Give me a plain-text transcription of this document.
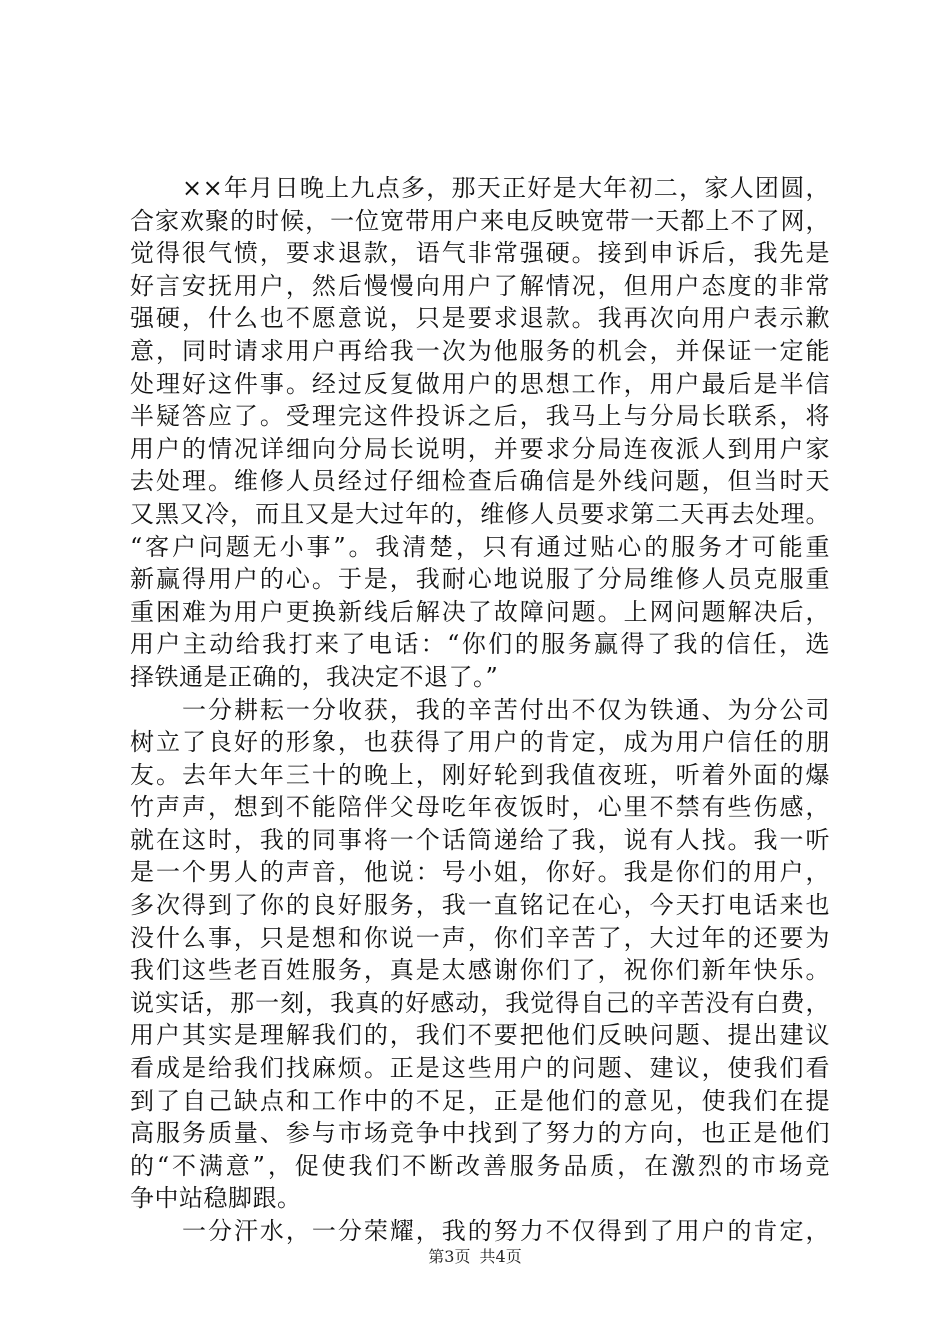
××年月日晚上九点多，那天正好是大年初二，家人团圆，
合家欢聚的时候，一位宽带用户来电反映宽带一天都上不了网，
觉得很气愤，要求退款，语气非常强硬。接到申诉后，我先是
好言安抚用户，然后慢慢向用户了解情况，但用户态度的非常
强硬，什么也不愿意说，只是要求退款。我再次向用户表示歉
意，同时请求用户再给我一次为他服务的机会，并保证一定能
处理好这件事。经过反复做用户的思想工作，用户最后是半信
半疑答应了。受理完这件投诉之后，我马上与分局长联系，将
用户的情况详细向分局长说明，并要求分局连夜派人到用户家
去处理。维修人员经过仔细检查后确信是外线问题，但当时天
又黑又冷，而且又是大过年的，维修人员要求第二天再去处理。
“客户问题无小事”。我清楚，只有通过贴心的服务才可能重
新赢得用户的心。于是，我耐心地说服了分局维修人员克服重
重困难为用户更换新线后解决了故障问题。上网问题解决后，
用户主动给我打来了电话：“你们的服务赢得了我的信任，选
择铁通是正确的，我决定不退了。”
一分耕耘一分收获，我的辛苦付出不仅为铁通、为分公司
树立了良好的形象，也获得了用户的肯定，成为用户信任的朋
友。去年大年三十的晚上，刚好轮到我值夜班，听着外面的爆
竹声声，想到不能陪伴父母吃年夜饭时，心里不禁有些伤感，
就在这时，我的同事将一个话筒递给了我，说有人找。我一听
是一个男人的声音，他说：号小姐，你好。我是你们的用户，
多次得到了你的良好服务，我一直铭记在心，今天打电话来也
没什么事，只是想和你说一声，你们辛苦了，大过年的还要为
我们这些老百姓服务，真是太感谢你们了，祝你们新年快乐。
说实话，那一刻，我真的好感动，我觉得自己的辛苦没有白费，
用户其实是理解我们的，我们不要把他们反映问题、提出建议
看成是给我们找麻烦。正是这些用户的问题、建议，使我们看
到了自己缺点和工作中的不足，正是他们的意见，使我们在提
高服务质量、参与市场竞争中找到了努力的方向，也正是他们
的“不满意”，促使我们不断改善服务品质，在激烈的市场竞
争中站稳脚跟。
一分汗水，一分荣耀，我的努力不仅得到了用户的肯定，
第3页 共4页
